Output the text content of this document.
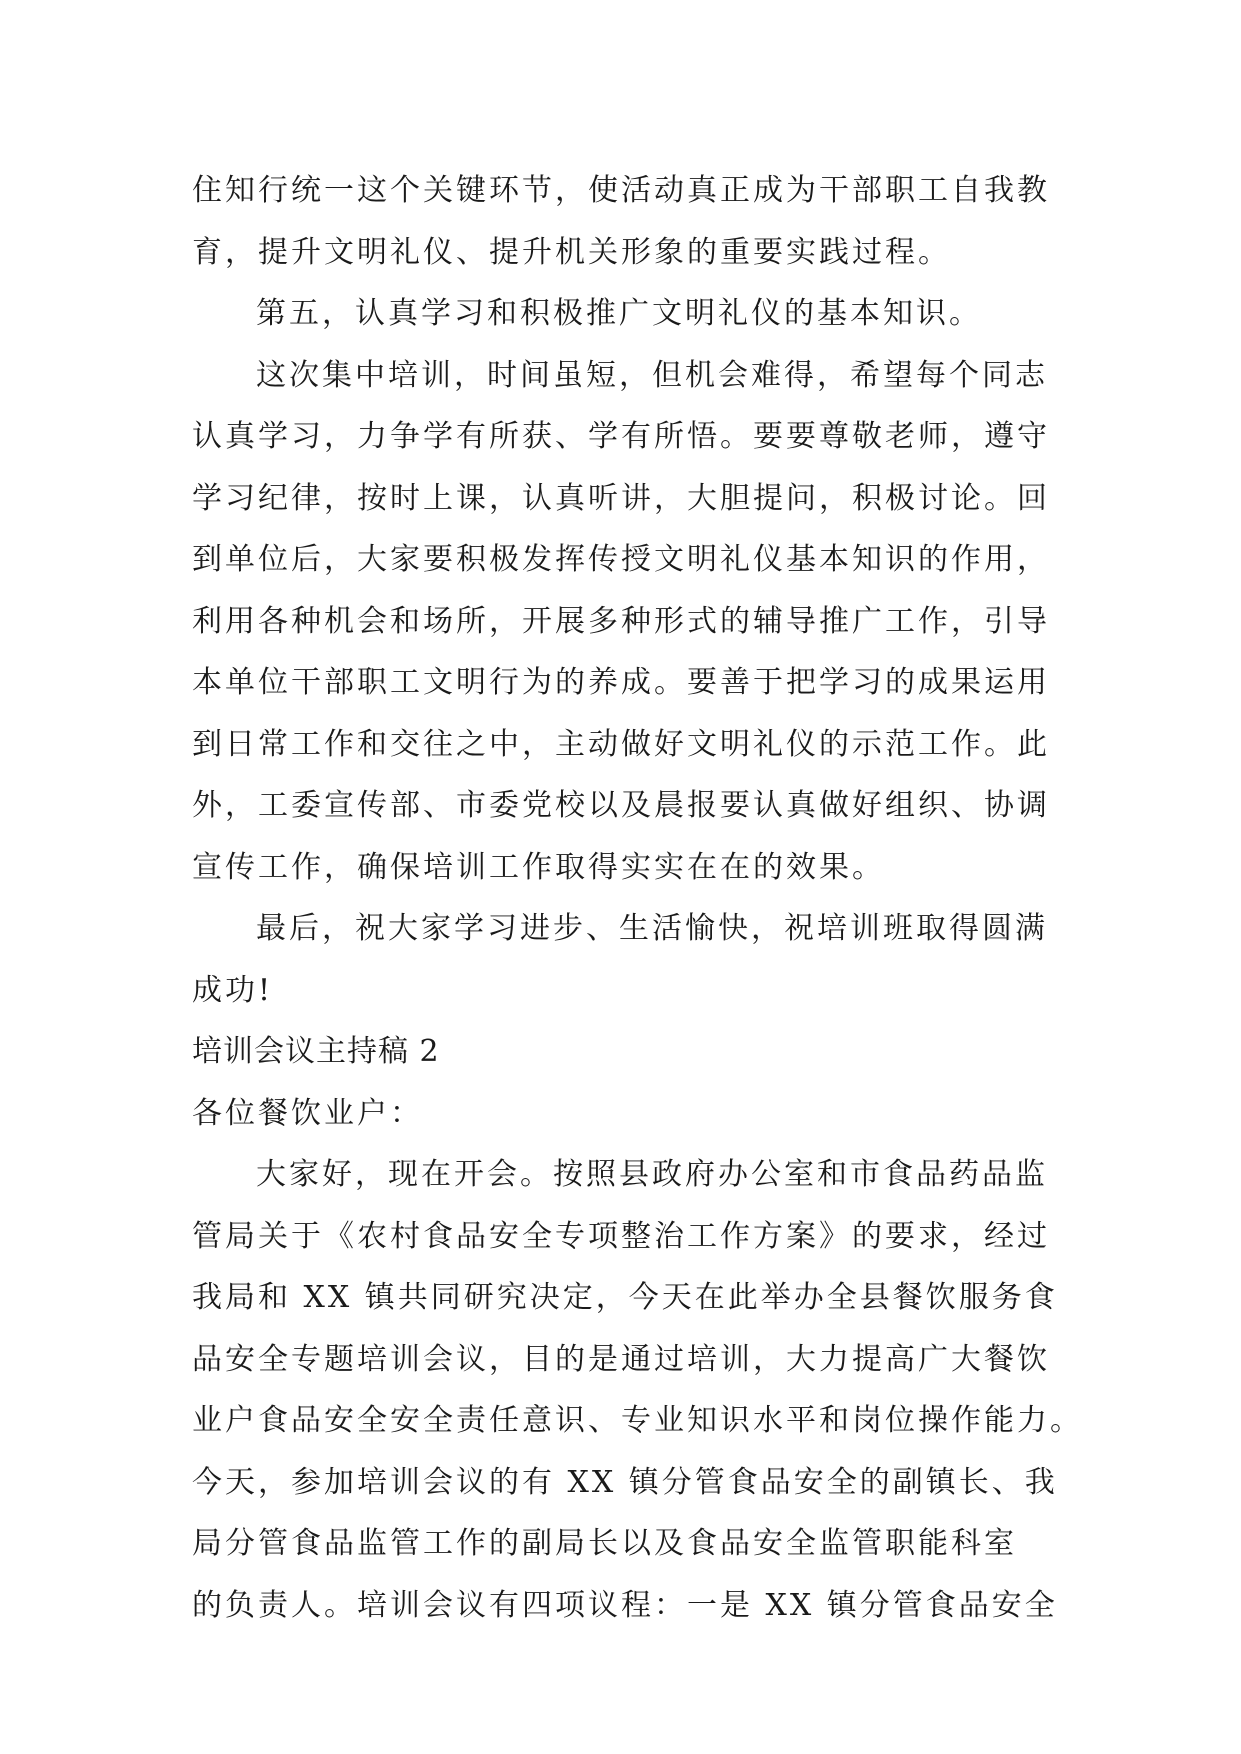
住知行统一这个关键环节，使活动真正成为干部职工自我教
育，提升文明礼仪、提升机关形象的重要实践过程。
第五，认真学习和积极推广文明礼仪的基本知识。
这次集中培训，时间虽短，但机会难得，希望每个同志
认真学习，力争学有所获、学有所悟。要要尊敬老师，遵守
学习纪律，按时上课，认真听讲，大胆提问，积极讨论。回
到单位后，大家要积极发挥传授文明礼仪基本知识的作用，
利用各种机会和场所，开展多种形式的辅导推广工作，引导
本单位干部职工文明行为的养成。要善于把学习的成果运用
到日常工作和交往之中，主动做好文明礼仪的示范工作。此
外，工委宣传部、市委党校以及晨报要认真做好组织、协调
宣传工作，确保培训工作取得实实在在的效果。
最后，祝大家学习进步、生活愉快，祝培训班取得圆满
成功!
培训会议主持稿 2
各位餐饮业户：
大家好，现在开会。按照县政府办公室和市食品药品监
管局关于《农村食品安全专项整治工作方案》的要求，经过
我局和 XX 镇共同研究决定，今天在此举办全县餐饮服务食
品安全专题培训会议，目的是通过培训，大力提高广大餐饮
业户食品安全安全责任意识、专业知识水平和岗位操作能力。
今天，参加培训会议的有 XX 镇分管食品安全的副镇长、我
局分管食品监管工作的副局长以及食品安全监管职能科室
的负责人。培训会议有四项议程：一是 XX 镇分管食品安全
